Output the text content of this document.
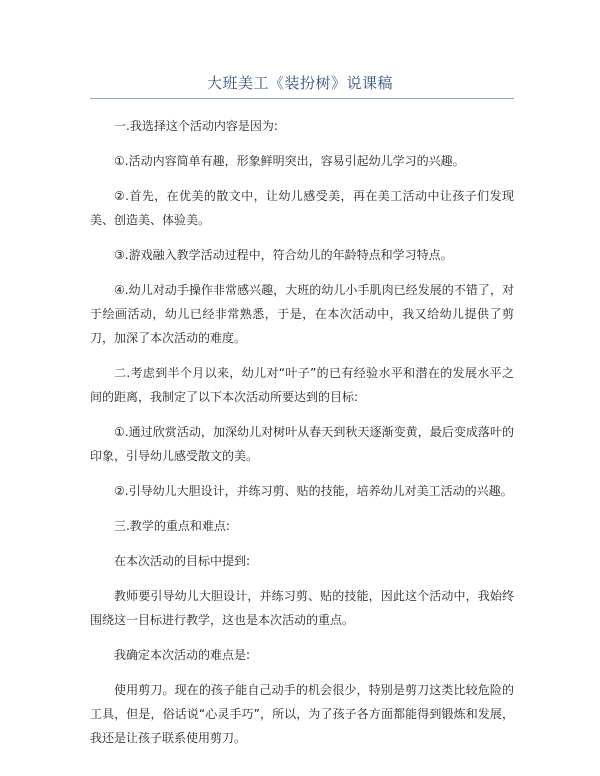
大班美工《装扮树》说课稿

一.我选择这个活动内容是因为:

①.活动内容简单有趣，形象鲜明突出，容易引起幼儿学习的兴趣。

②.首先，在优美的散文中，让幼儿感受美，再在美工活动中让孩子们发现美、创造美、体验美。

③.游戏融入教学活动过程中，符合幼儿的年龄特点和学习特点。

④.幼儿对动手操作非常感兴趣，大班的幼儿小手肌肉已经发展的不错了，对于绘画活动，幼儿已经非常熟悉，于是，在本次活动中，我又给幼儿提供了剪刀，加深了本次活动的难度。

二.考虑到半个月以来，幼儿对“叶子”的已有经验水平和潜在的发展水平之间的距离，我制定了以下本次活动所要达到的目标:

①.通过欣赏活动，加深幼儿对树叶从春天到秋天逐渐变黄，最后变成落叶的印象，引导幼儿感受散文的美。

②.引导幼儿大胆设计，并练习剪、贴的技能，培养幼儿对美工活动的兴趣。

三.教学的重点和难点:

在本次活动的目标中提到:

教师要引导幼儿大胆设计，并练习剪、贴的技能，因此这个活动中，我始终围绕这一目标进行教学，这也是本次活动的重点。

我确定本次活动的难点是:

使用剪刀。现在的孩子能自己动手的机会很少，特别是剪刀这类比较危险的工具，但是，俗话说“心灵手巧”，所以，为了孩子各方面都能得到锻炼和发展，我还是让孩子联系使用剪刀。
